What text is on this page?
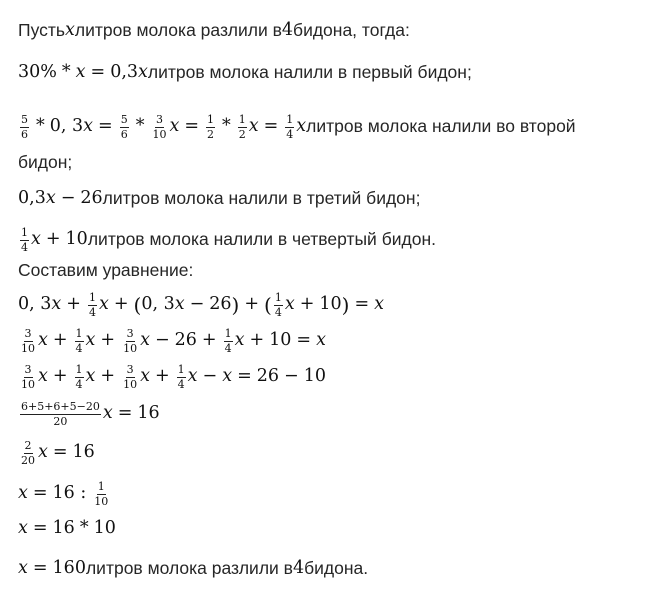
Пусть x литров молока разлили в 4 бидона, тогда:
30% * x = 0,3 x литров молока налили в первый бидон;
$\frac{5}{6} * 0$, 3 $x = \frac{5}{6} * \frac{3}{10}$ $x = \frac{1}{2} * \frac{1}{2}$ $x = \frac{1}{4}$ x литров молока налили во второй
бидон;
0,3 x − 26 литров молока налили в третий бидон;
$\frac{1}{4}$ x + 10 литров молока налили в четвертый бидон.
Составим уравнение:
0, 3 $x + \frac{1}{4}$ x + ( 0, 3 x − 26 ) + ( $\frac{1}{4}$ x + 10 ) = x
$\frac{3}{10}$ $x + \frac{1}{4}$ $x + \frac{3}{10}$ $x - 26 + \frac{1}{4}$ x + 10 = x
$\frac{3}{10}$ $x + \frac{1}{4}$ $x + \frac{3}{10}$ $x + \frac{1}{4}$ x − x = 26 − 10
$\frac{6+5+6+5-20}{20}$ x = 16
$\frac{2}{20}$ x = 16
x = 16 : $\frac{1}{10}$
x = 16 * 10
x = 160 литров молока разлили в 4 бидона.
